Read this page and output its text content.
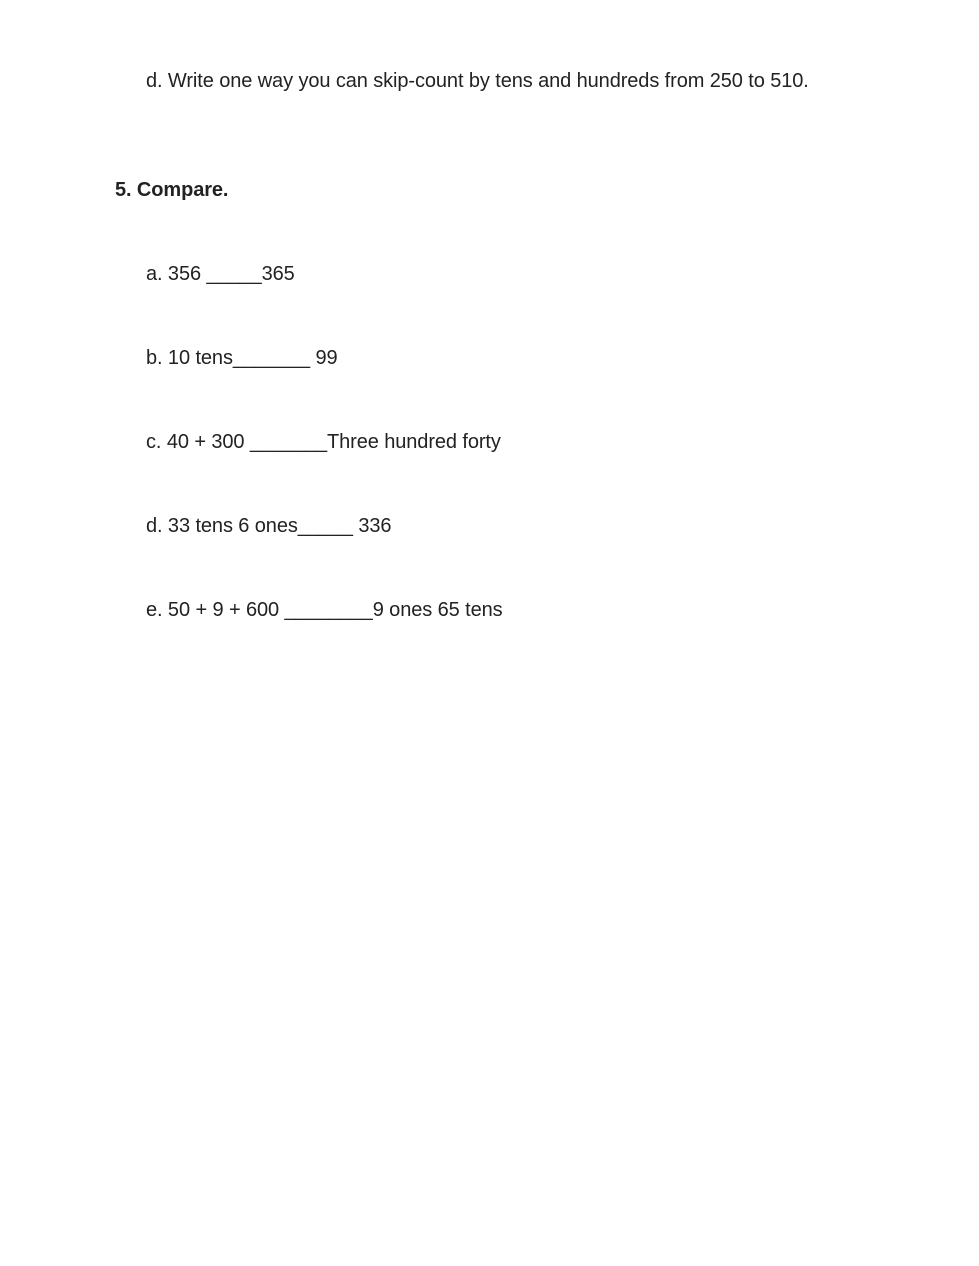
d. Write one way you can skip-count by tens and hundreds from 250 to 510.

5. Compare.

a. 356 _____365

b. 10 tens_______ 99

c. 40 + 300 _______Three hundred forty

d. 33 tens 6 ones_____ 336

e. 50 + 9 + 600 ________9 ones 65 tens
